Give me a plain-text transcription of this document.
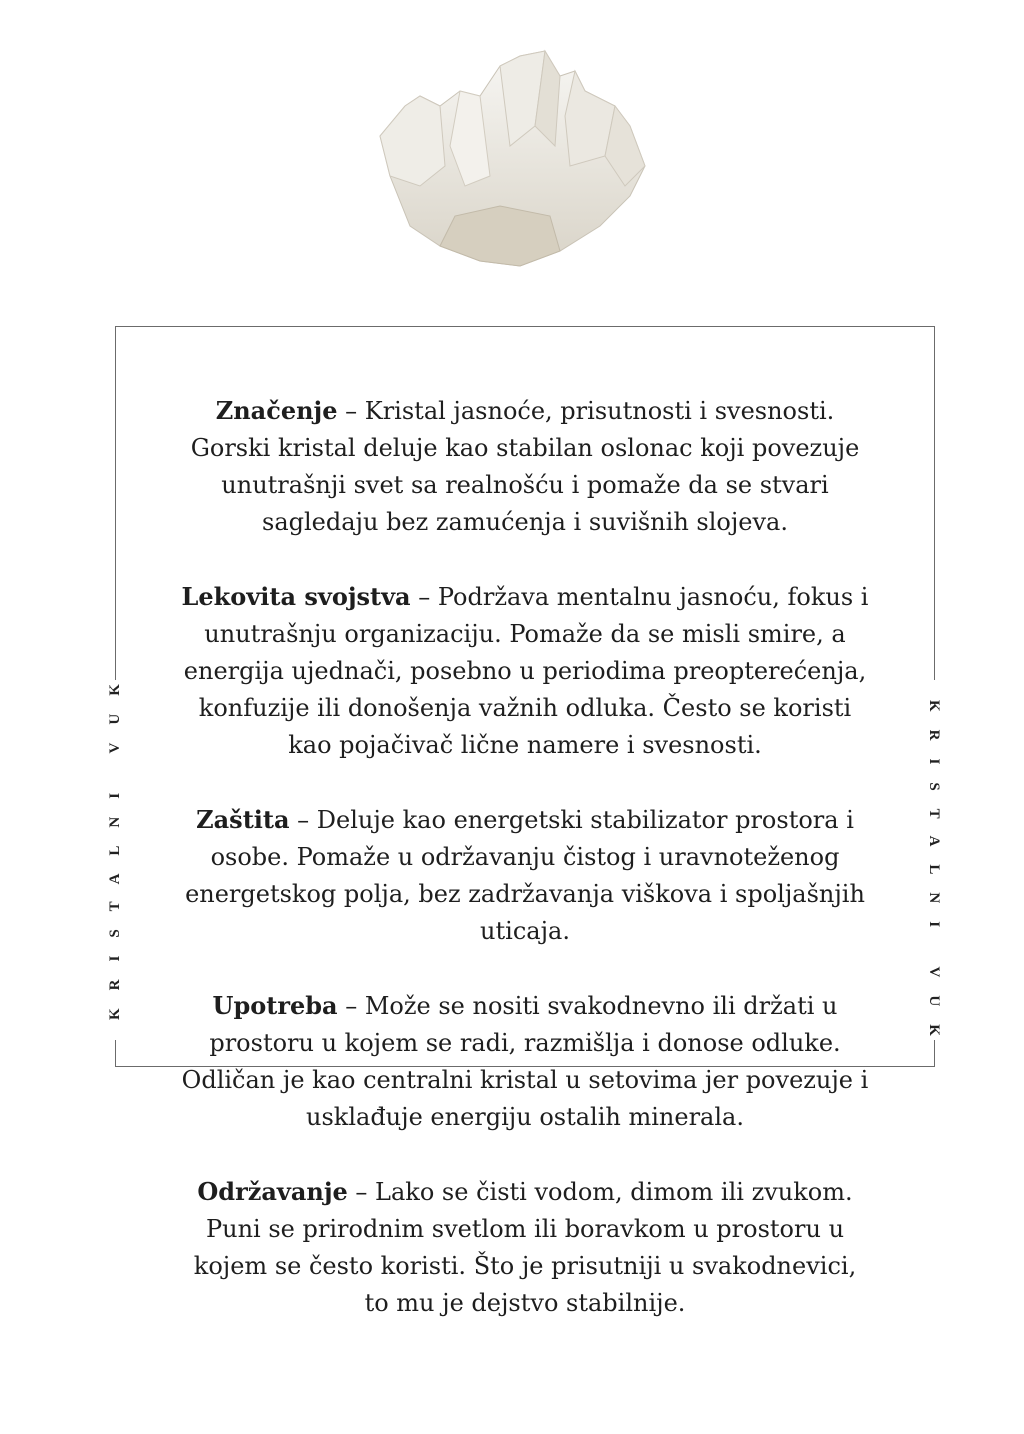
KRISTALNI VUK	KRISTALNI VUK

Značenje – Kristal jasnoće, prisutnosti i svesnosti. Gorski kristal deluje kao stabilan oslonac koji povezuje unutrašnji svet sa realnošću i pomaže da se stvari sagledaju bez zamućenja i suvišnih slojeva.

Lekovita svojstva – Podržava mentalnu jasnoću, fokus i unutrašnju organizaciju. Pomaže da se misli smire, a energija ujednači, posebno u periodima preopterećenja, konfuzije ili donošenja važnih odluka. Često se koristi kao pojačivač lične namere i svesnosti.

Zaštita – Deluje kao energetski stabilizator prostora i osobe. Pomaže u održavanju čistog i uravnoteženog energetskog polja, bez zadržavanja viškova i spoljašnjih uticaja.

Upotreba – Može se nositi svakodnevno ili držati u prostoru u kojem se radi, razmišlja i donose odluke. Odličan je kao centralni kristal u setovima jer povezuje i usklađuje energiju ostalih minerala.

Održavanje – Lako se čisti vodom, dimom ili zvukom. Puni se prirodnim svetlom ili boravkom u prostoru u kojem se često koristi. Što je prisutniji u svakodnevici, to mu je dejstvo stabilnije.
